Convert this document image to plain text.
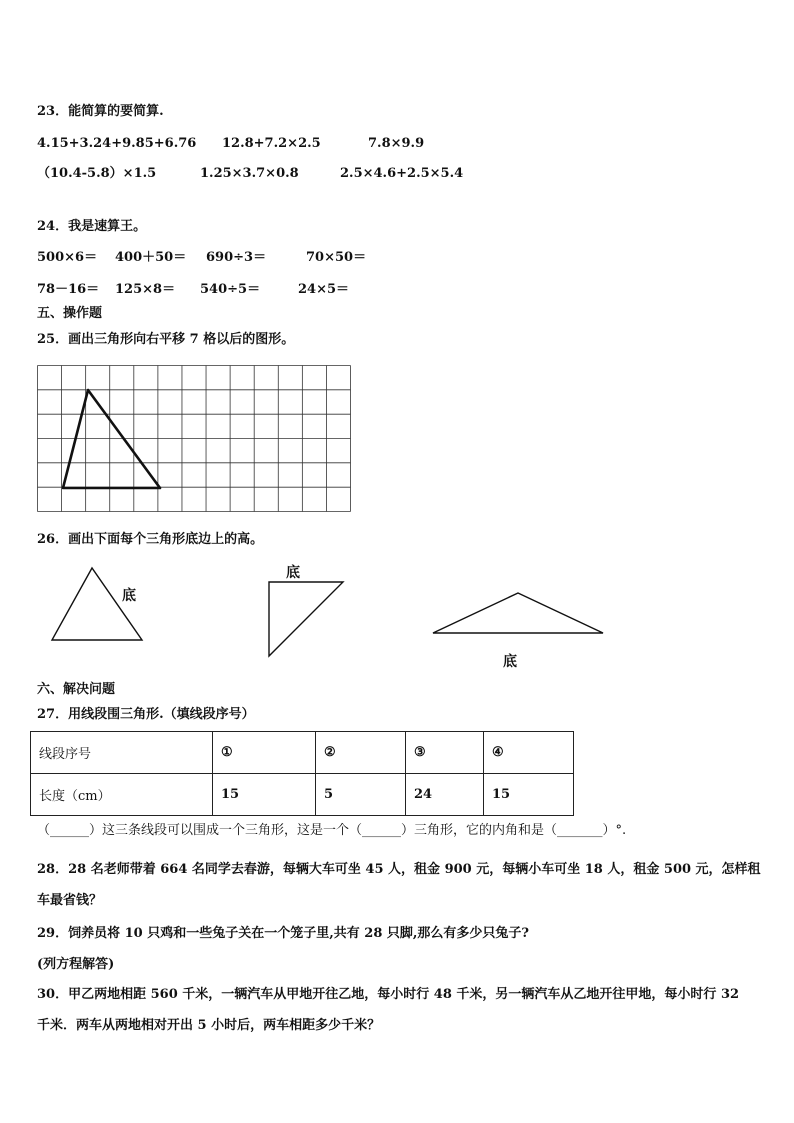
23．能简算的要简算.
4.15+3.24+9.85+6.76 12.8+7.2×2.5	7.8×9.9
（10.4-5.8）×1.5	1.25×3.7×0.8	2.5×4.6+2.5×5.4
24．我是速算王。
500×6＝ 400＋50＝ 690÷3＝	70×50＝
78－16＝ 125×8＝ 540÷5＝	24×5＝
五、操作题
25．画出三角形向右平移 7 格以后的图形。
26．画出下面每个三角形底边上的高。
底
底
底
六、解决问题
27．用线段围三角形.（填线段序号）
线段序号	①	②	③	④
长度（cm）	15	5	24	15
（______）这三条线段可以围成一个三角形，这是一个（______）三角形，它的内角和是（_______）°.
28．28 名老师带着 664 名同学去春游，每辆大车可坐 45 人，租金 900 元，每辆小车可坐 18 人，租金 500 元，怎样租
车最省钱？
29．饲养员将 10 只鸡和一些兔子关在一个笼子里,共有 28 只脚,那么有多少只兔子?
(列方程解答)
30．甲乙两地相距 560 千米，一辆汽车从甲地开往乙地，每小时行 48 千米，另一辆汽车从乙地开往甲地，每小时行 32
千米．两车从两地相对开出 5 小时后，两车相距多少千米？
